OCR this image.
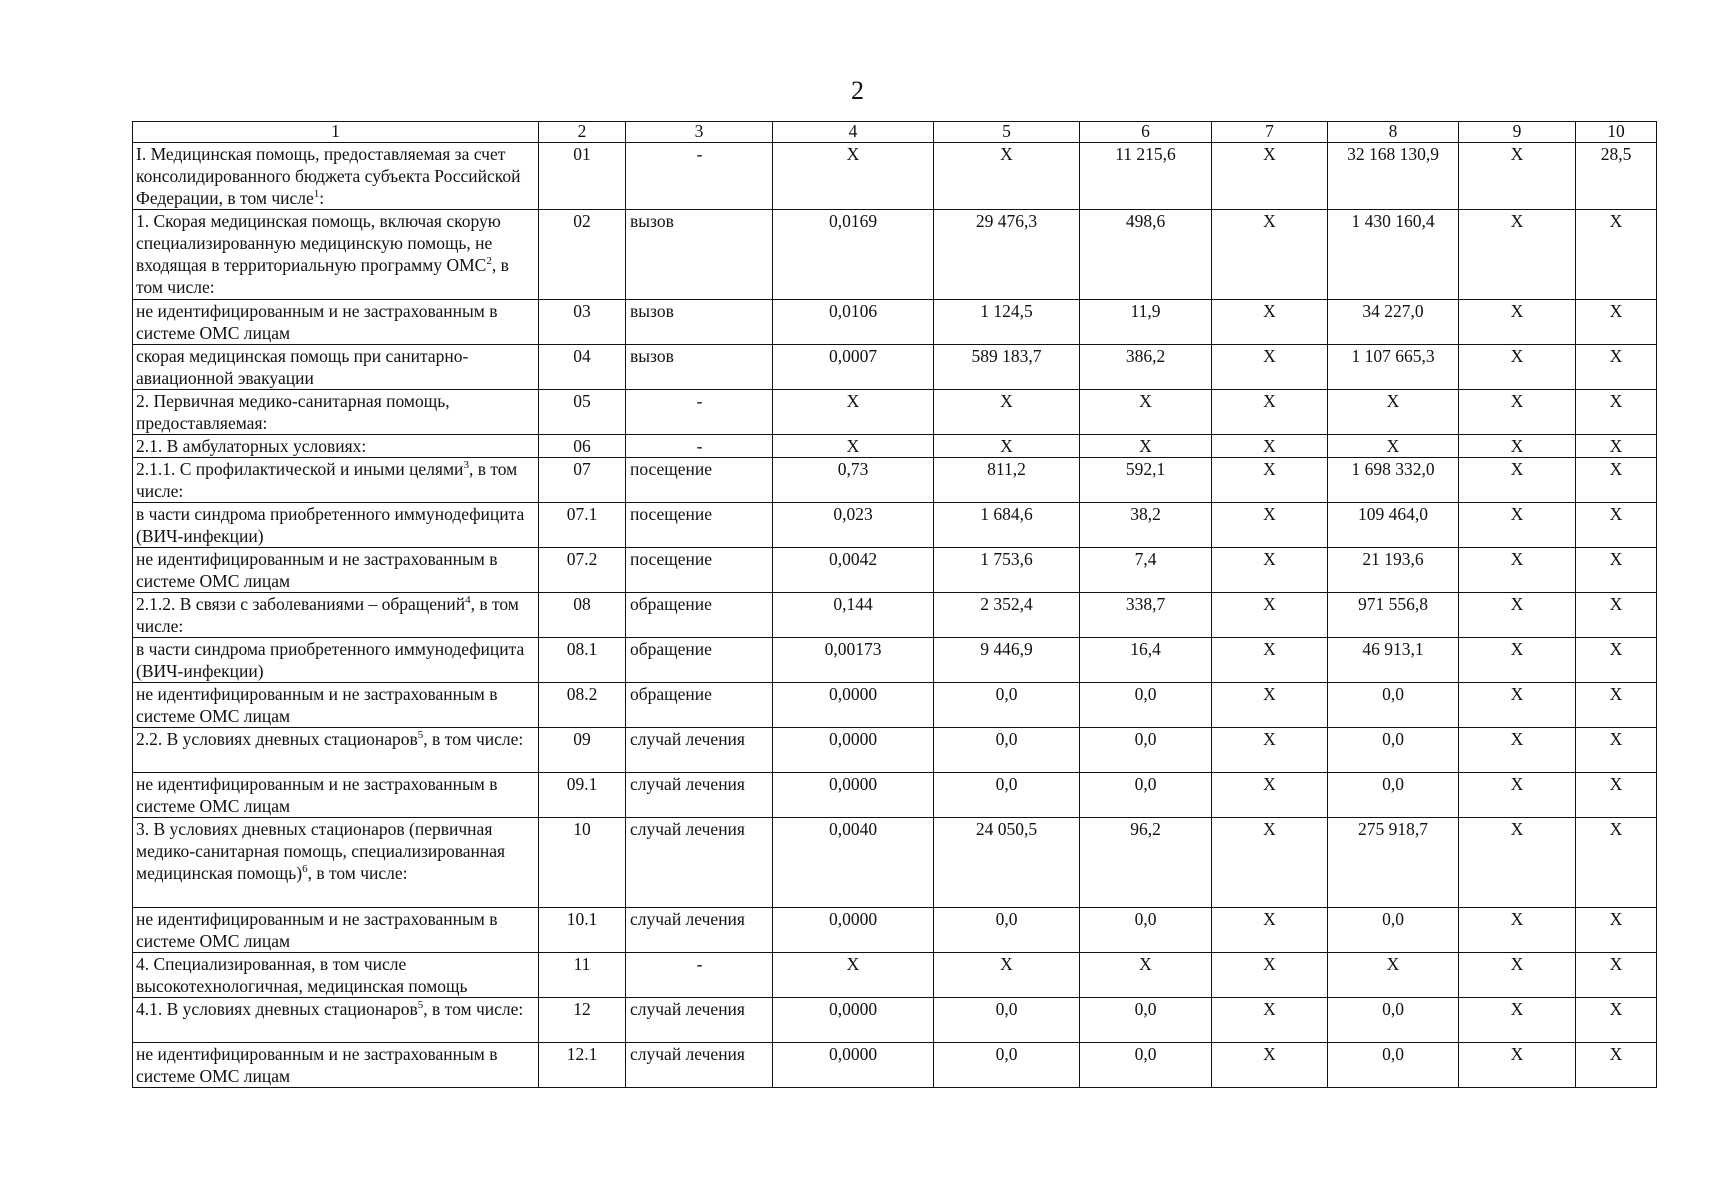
2
1	2	3	4	5	6	7	8	9	10
I. Медицинская помощь, предоставляемая за счет консолидированного бюджета субъекта Российской Федерации, в том числе$^1$:	01	-	X	X	11 215,6	X	32 168 130,9	X	28,5
1. Скорая медицинская помощь, включая скорую специализированную медицинскую помощь, не входящая в территориальную программу ОМС$^2$, в том числе:	02	вызов	0,0169	29 476,3	498,6	X	1 430 160,4	X	X
не идентифицированным и не застрахованным в системе ОМС лицам	03	вызов	0,0106	1 124,5	11,9	X	34 227,0	X	X
скорая медицинская помощь при санитарно-авиационной эвакуации	04	вызов	0,0007	589 183,7	386,2	X	1 107 665,3	X	X
2. Первичная медико-санитарная помощь, предоставляемая:	05	-	X	X	X	X	X	X	X
2.1. В амбулаторных условиях:	06	-	X	X	X	X	X	X	X
2.1.1. С профилактической и иными целями$^3$, в том числе:	07	посещение	0,73	811,2	592,1	X	1 698 332,0	X	X
в части синдрома приобретенного иммунодефицита (ВИЧ-инфекции)	07.1	посещение	0,023	1 684,6	38,2	X	109 464,0	X	X
не идентифицированным и не застрахованным в системе ОМС лицам	07.2	посещение	0,0042	1 753,6	7,4	X	21 193,6	X	X
2.1.2. В связи с заболеваниями – обращений$^4$, в том числе:	08	обращение	0,144	2 352,4	338,7	X	971 556,8	X	X
в части синдрома приобретенного иммунодефицита (ВИЧ-инфекции)	08.1	обращение	0,00173	9 446,9	16,4	X	46 913,1	X	X
не идентифицированным и не застрахованным в системе ОМС лицам	08.2	обращение	0,0000	0,0	0,0	X	0,0	X	X
2.2. В условиях дневных стационаров$^5$, в том числе:	09	случай лечения	0,0000	0,0	0,0	X	0,0	X	X
не идентифицированным и не застрахованным в системе ОМС лицам	09.1	случай лечения	0,0000	0,0	0,0	X	0,0	X	X
3. В условиях дневных стационаров (первичная медико-санитарная помощь, специализированная медицинская помощь)$^6$, в том числе:	10	случай лечения	0,0040	24 050,5	96,2	X	275 918,7	X	X
не идентифицированным и не застрахованным в системе ОМС лицам	10.1	случай лечения	0,0000	0,0	0,0	X	0,0	X	X
4. Специализированная, в том числе высокотехнологичная, медицинская помощь	11	-	X	X	X	X	X	X	X
4.1. В условиях дневных стационаров$^5$, в том числе:	12	случай лечения	0,0000	0,0	0,0	X	0,0	X	X
не идентифицированным и не застрахованным в системе ОМС лицам	12.1	случай лечения	0,0000	0,0	0,0	X	0,0	X	X
